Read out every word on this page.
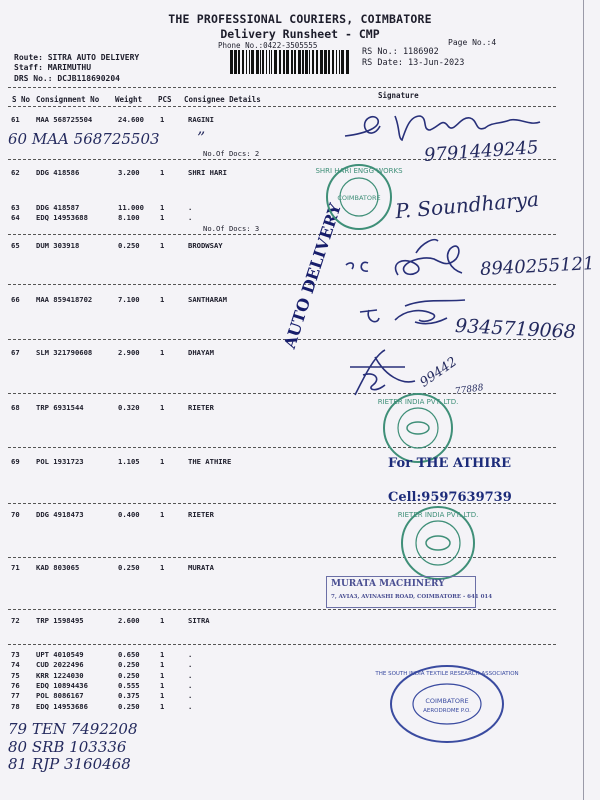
THE PROFESSIONAL COURIERS, COIMBATORE
Delivery Runsheet - CMP
Phone No.:0422-3505555	Page No.:4
Route: SITRA AUTO DELIVERY
Staff: MARIMUTHU
DRS No.: DCJB118690204
RS No.: 1186902
RS Date: 13-Jun-2023
S No Consignment No Weight PCS Consignee Details	Signature
61 MAA 568725504	24.600 1	RAGINI
62 DDG 418586	3.200	1	SHRI HARI
63 DDG 418587	11.000 1	.
64 EDQ 14953688	8.100	1	.
65 DUM 303918	0.250	1	BRODWSAY
66 MAA 859418702	7.100	1	SANTHARAM
67 SLM 321790608	2.900	1	DHAYAM
68 TRP 6931544	0.320	1	RIETER
69 POL 1931723	1.105	1	THE ATHIRE
70 DDG 4918473	0.400	1	RIETER
71 KAD 803065	0.250	1	MURATA
72 TRP 1598495	2.600	1	SITRA
73 UPT 4010549	0.650	1	.
74 CUD 2022496	0.250	1	.
75 KRR 1224030	0.250	1	.
76 EDQ 10894436	0.555	1	.
77 POL 8086167	0.375	1	.
78 EDQ 14953686	0.250	1	.
No.Of Docs: 2
No.Of Docs: 3
60 MAA 568725503 ”	9791449245
P. Soundharya
8940255121
9345719068
99442
77888
79 TEN 7492208
80 SRB 103336
81 RJP 3160468
AUTO DELIVERY
SHRI HARI ENGG WORKS
COIMBATORE
RIETER INDIA PVT. LTD.
For THE ATHIRE
Cell:9597639739
RIETER INDIA PVT. LTD.
MURATA MACHINERY
7, AVIA3, AVINASHI ROAD, COIMBATORE - 641 014
THE SOUTH INDIA TEXTILE RESEARCH ASSOCIATION
COIMBATORE
AERODROME P.O.
